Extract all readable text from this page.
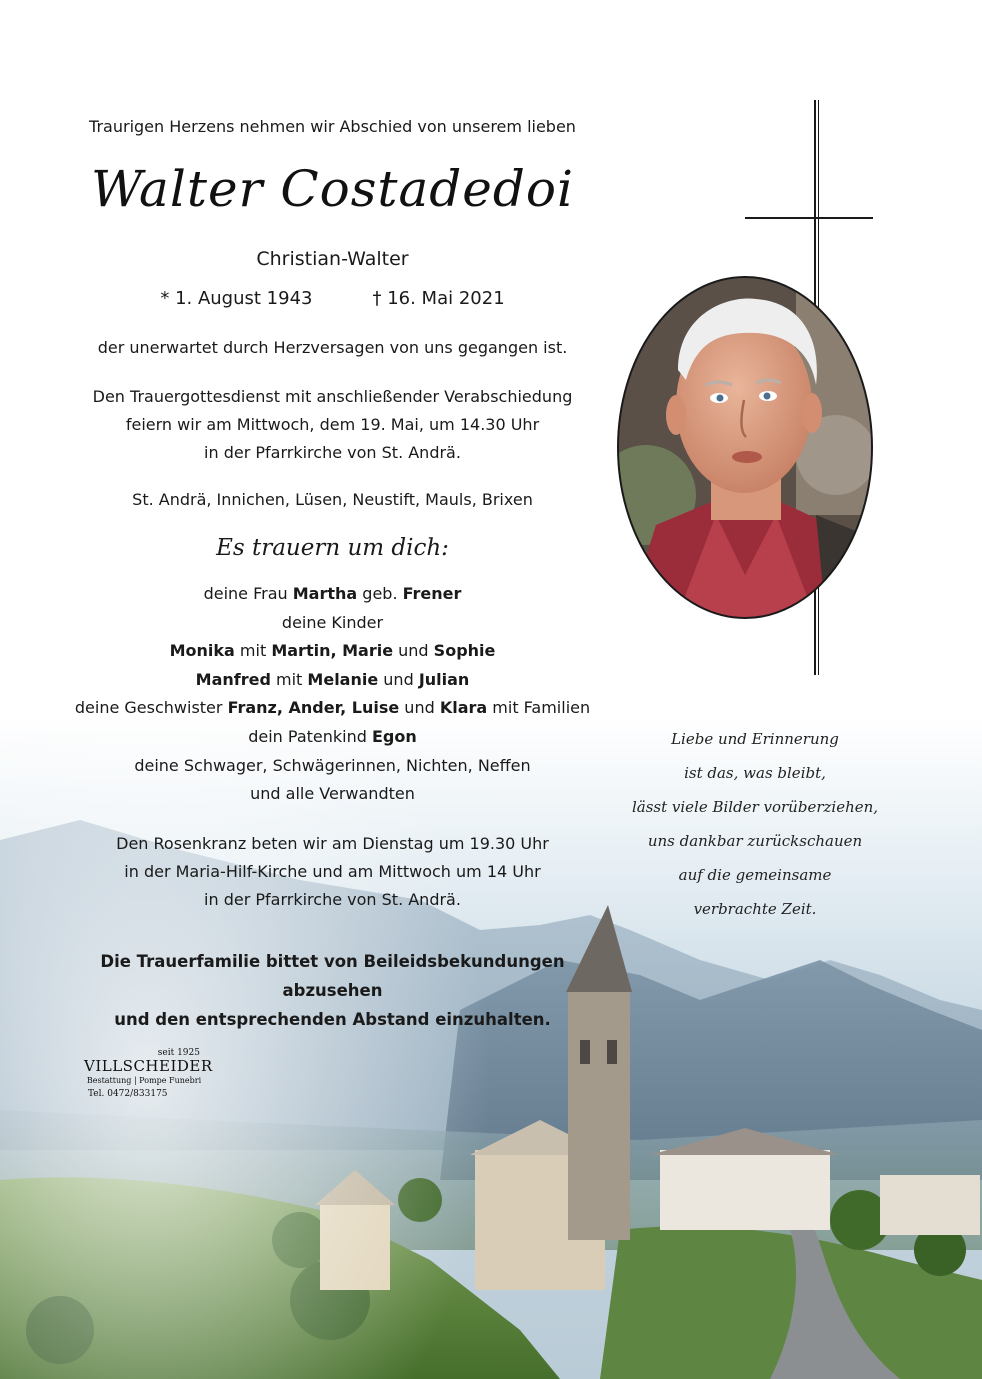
Traurigen Herzens nehmen wir Abschied von unserem lieben
Walter Costadedoi
Christian-Walter
* 1. August 1943	† 16. Mai 2021
der unerwartet durch Herzversagen von uns gegangen ist.
Den Trauergottesdienst mit anschließender Verabschiedung
feiern wir am Mittwoch, dem 19. Mai, um 14.30 Uhr
in der Pfarrkirche von St. Andrä.
St. Andrä, Innichen, Lüsen, Neustift, Mauls, Brixen
Es trauern um dich:
deine Frau Martha geb. Frener
deine Kinder
Monika mit Martin, Marie und Sophie
Manfred mit Melanie und Julian
deine Geschwister Franz, Ander, Luise und Klara mit Familien
dein Patenkind Egon
deine Schwager, Schwägerinnen, Nichten, Neffen
und alle Verwandten
Den Rosenkranz beten wir am Dienstag um 19.30 Uhr
in der Maria-Hilf-Kirche und am Mittwoch um 14 Uhr
in der Pfarrkirche von St. Andrä.
Die Trauerfamilie bittet von Beileidsbekundungen abzusehen
und den entsprechenden Abstand einzuhalten.
Liebe und Erinnerung
ist das, was bleibt,
lässt viele Bilder vorüberziehen,
uns dankbar zurückschauen
auf die gemeinsame
verbrachte Zeit.
seit 1925
VILLSCHEIDER
Bestattung | Pompe Funebri
Tel. 0472/833175
